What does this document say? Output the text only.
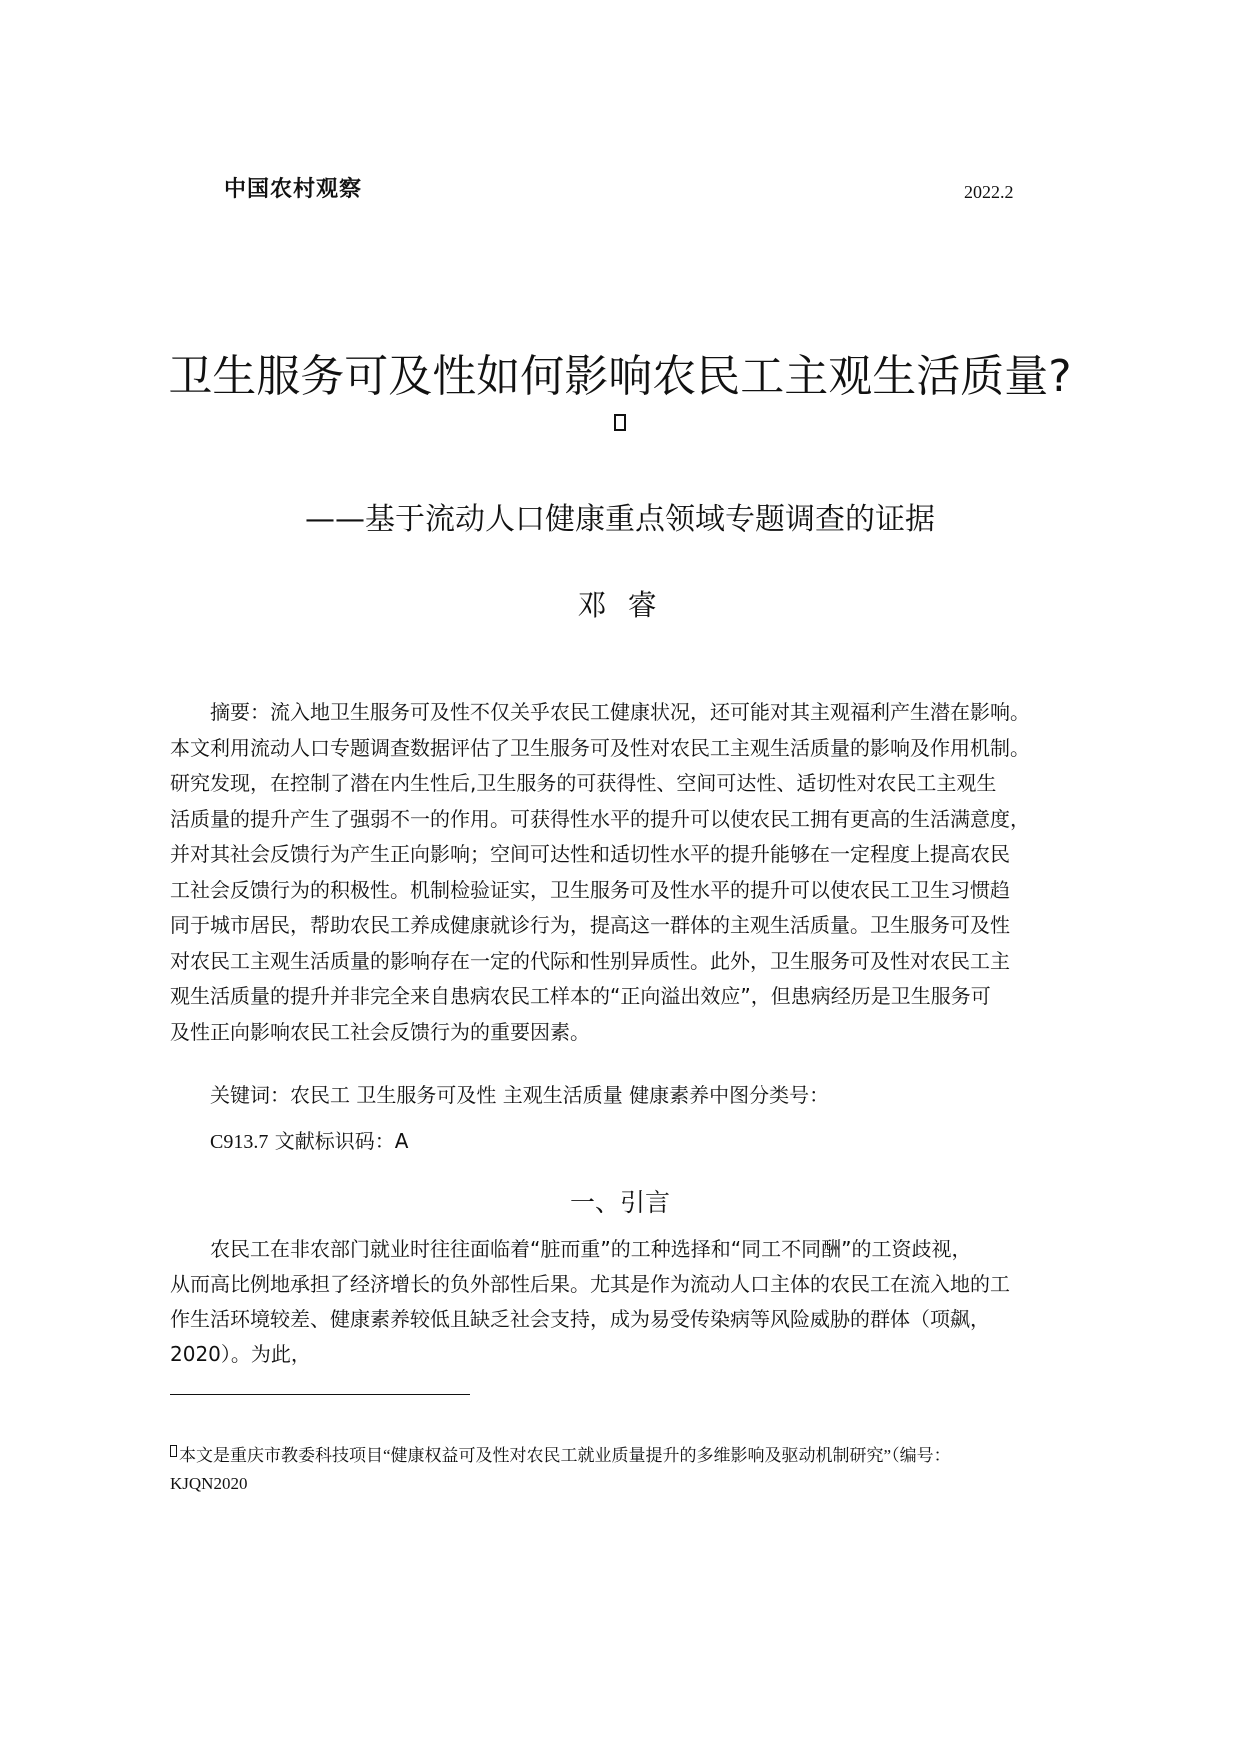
中国农村观察	2022.2
卫生服务可及性如何影响农民工主观生活质量?
——基于流动人口健康重点领域专题调查的证据
邓 睿
摘要：流入地卫生服务可及性不仅关乎农民工健康状况，还可能对其主观福利产生潜在影响。
本文利用流动人口专题调查数据评估了卫生服务可及性对农民工主观生活质量的影响及作用机制。
研究发现，在控制了潜在内生性后,卫生服务的可获得性、空间可达性、适切性对农民工主观生
活质量的提升产生了强弱不一的作用。可获得性水平的提升可以使农民工拥有更高的生活满意度，
并对其社会反馈行为产生正向影响；空间可达性和适切性水平的提升能够在一定程度上提高农民
工社会反馈行为的积极性。机制检验证实，卫生服务可及性水平的提升可以使农民工卫生习惯趋
同于城市居民，帮助农民工养成健康就诊行为，提高这一群体的主观生活质量。卫生服务可及性
对农民工主观生活质量的影响存在一定的代际和性别异质性。此外，卫生服务可及性对农民工主
观生活质量的提升并非完全来自患病农民工样本的“正向溢出效应”，但患病经历是卫生服务可
及性正向影响农民工社会反馈行为的重要因素。
关键词：农民工 卫生服务可及性 主观生活质量 健康素养中图分类号：
C913.7 文献标识码：A
一、引言
农民工在非农部门就业时往往面临着“脏而重”的工种选择和“同工不同酬”的工资歧视，
从而高比例地承担了经济增长的负外部性后果。尤其是作为流动人口主体的农民工在流入地的工
作生活环境较差、健康素养较低且缺乏社会支持，成为易受传染病等风险威胁的群体（项飙，
2020）。为此，
本文是重庆市教委科技项目“健康权益可及性对农民工就业质量提升的多维影响及驱动机制研究”（编号：
KJQN2020
